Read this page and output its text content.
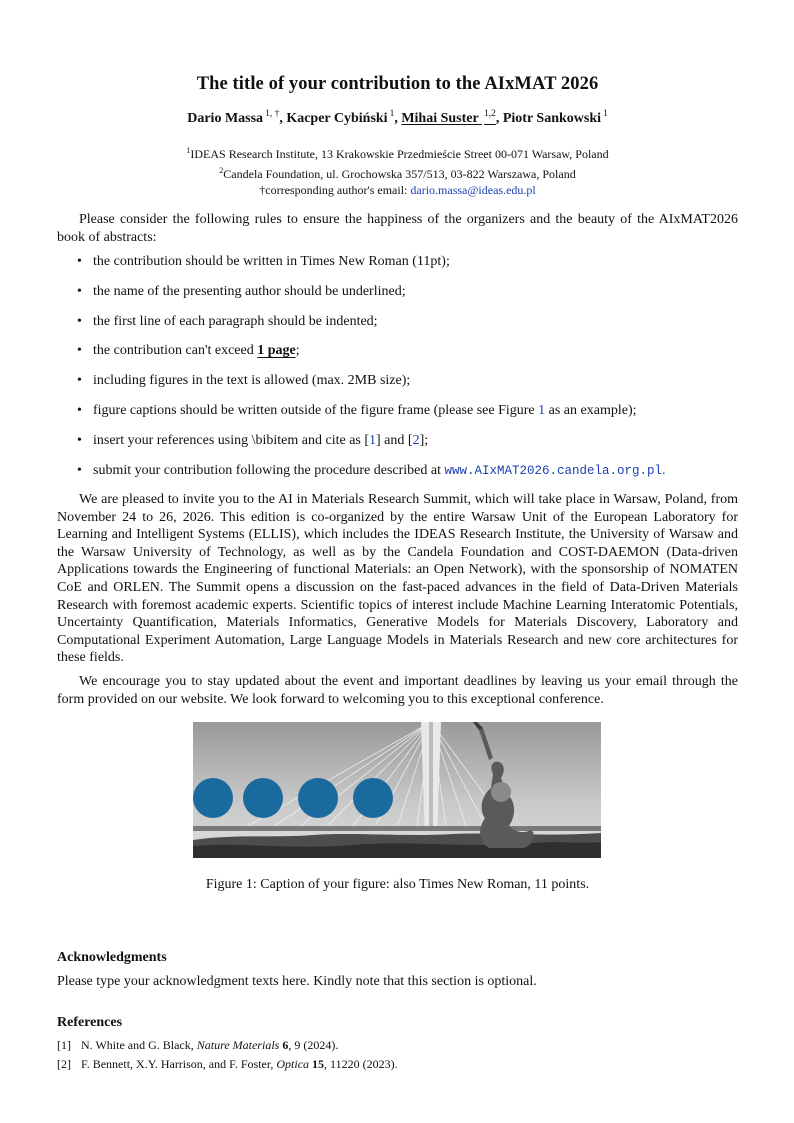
The title of your contribution to the AIxMAT 2026
Dario Massa $^{1, \dagger}$, Kacper Cybiński $^1$, Mihai Suster $^{1,2}$, Piotr Sankowski $^1$
$^1$IDEAS Research Institute, 13 Krakowskie Przedmieście Street 00-071 Warsaw, Poland
$^2$Candela Foundation, ul. Grochowska 357/513, 03-822 Warszawa, Poland
†corresponding author's email: dario.massa@ideas.edu.pl
Please consider the following rules to ensure the happiness of the organizers and the beauty of the AIxMAT2026 book of abstracts:
• the contribution should be written in Times New Roman (11pt);
• the name of the presenting author should be underlined;
• the first line of each paragraph should be indented;
• the contribution can't exceed 1 page;
• including figures in the text is allowed (max. 2MB size);
• figure captions should be written outside of the figure frame (please see Figure 1 as an example);
• insert your references using \bibitem and cite as [1] and [2];
• submit your contribution following the procedure described at www.AIxMAT2026.candela.org.pl.
We are pleased to invite you to the AI in Materials Research Summit, which will take place in Warsaw, Poland, from November 24 to 26, 2026. This edition is co-organized by the entire Warsaw Unit of the European Laboratory for Learning and Intelligent Systems (ELLIS), which includes the IDEAS Research Institute, the University of Warsaw and the Warsaw University of Technology, as well as by the Candela Foundation and COST-DAEMON (Data-driven Applications towards the Engineering of functional Materials: an Open Network), with the sponsorship of NOMATEN CoE and ORLEN. The Summit opens a discussion on the fast-paced advances in the field of Data-Driven Materials Research with foremost academic experts. Scientific topics of interest include Machine Learning Interatomic Potentials, Uncertainty Quantification, Materials Informatics, Generative Models for Materials Discovery, Laboratory and Computational Experiment Automation, Large Language Models in Materials Research and new core architectures for these fields.
We encourage you to stay updated about the event and important deadlines by leaving us your email through the form provided on our website. We look forward to welcoming you to this exceptional conference.
Figure 1: Caption of your figure: also Times New Roman, 11 points.
Acknowledgments
Please type your acknowledgment texts here. Kindly note that this section is optional.
References
[1] N. White and G. Black, Nature Materials 6, 9 (2024).
[2] F. Bennett, X.Y. Harrison, and F. Foster, Optica 15, 11220 (2023).
